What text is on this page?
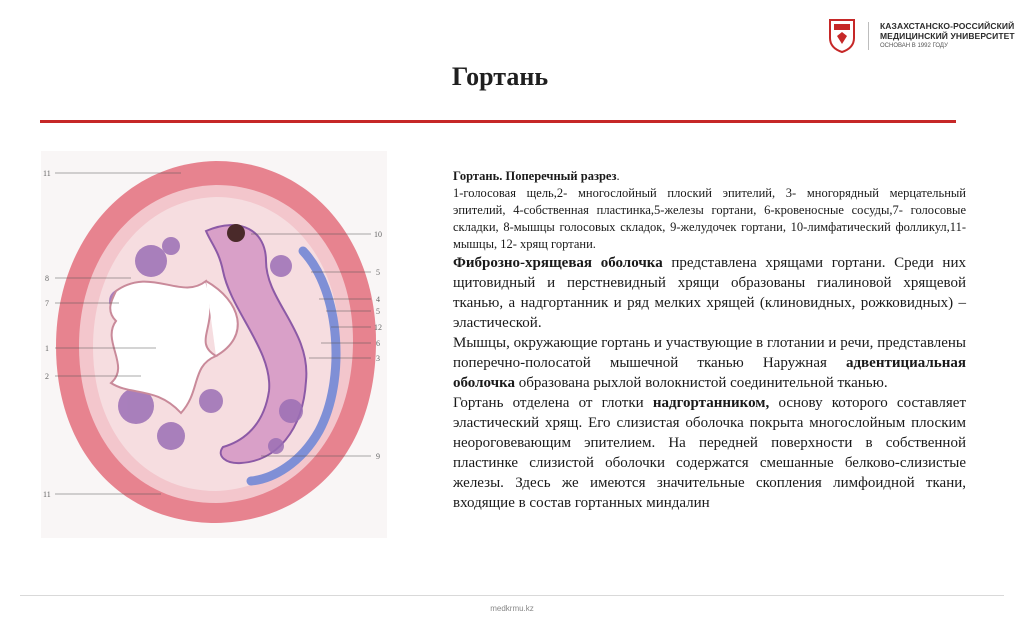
КАЗАХСТАНСКО-РОССИЙСКИЙ
МЕДИЦИНСКИЙ УНИВЕРСИТЕТ
ОСНОВАН В 1992 ГОДУ
Гортань
11
8
7
1
2
11
10
5
4
5
12
6
3
9

Гортань. Поперечный разрез.
1-голосовая щель,2- многослойный плоский эпителий, 3- многорядный мерцательный эпителий, 4-собственная пластинка,5-железы гортани, 6-кровеносные сосуды,7- голосовые складки, 8-мышцы голосовых складок, 9-желудочек гортани, 10-лимфатический фолликул,11-мышцы, 12- хрящ гортани.

Фиброзно-хрящевая оболочка представлена хрящами гортани. Среди них щитовидный и перстневидный хрящи образованы гиалиновой хрящевой тканью, а надгортанник и ряд мелких хрящей (клиновидных, рожковидных) – эластической.

Мышцы, окружающие гортань и участвующие в глотании и речи, представлены поперечно-полосатой мышечной тканью Наружная адвентициальная оболочка образована рыхлой волокнистой соединительной тканью.

Гортань отделена от глотки надгортанником, основу которого составляет эластический хрящ. Его слизистая оболочка покрыта многослойным плоским неороговевающим эпителием. На передней поверхности в собственной пластинке слизистой оболочки содержатся смешанные белково-слизистые железы. Здесь же имеются значительные скопления лимфоидной ткани, входящие в состав гортанных миндалин

medkrmu.kz
